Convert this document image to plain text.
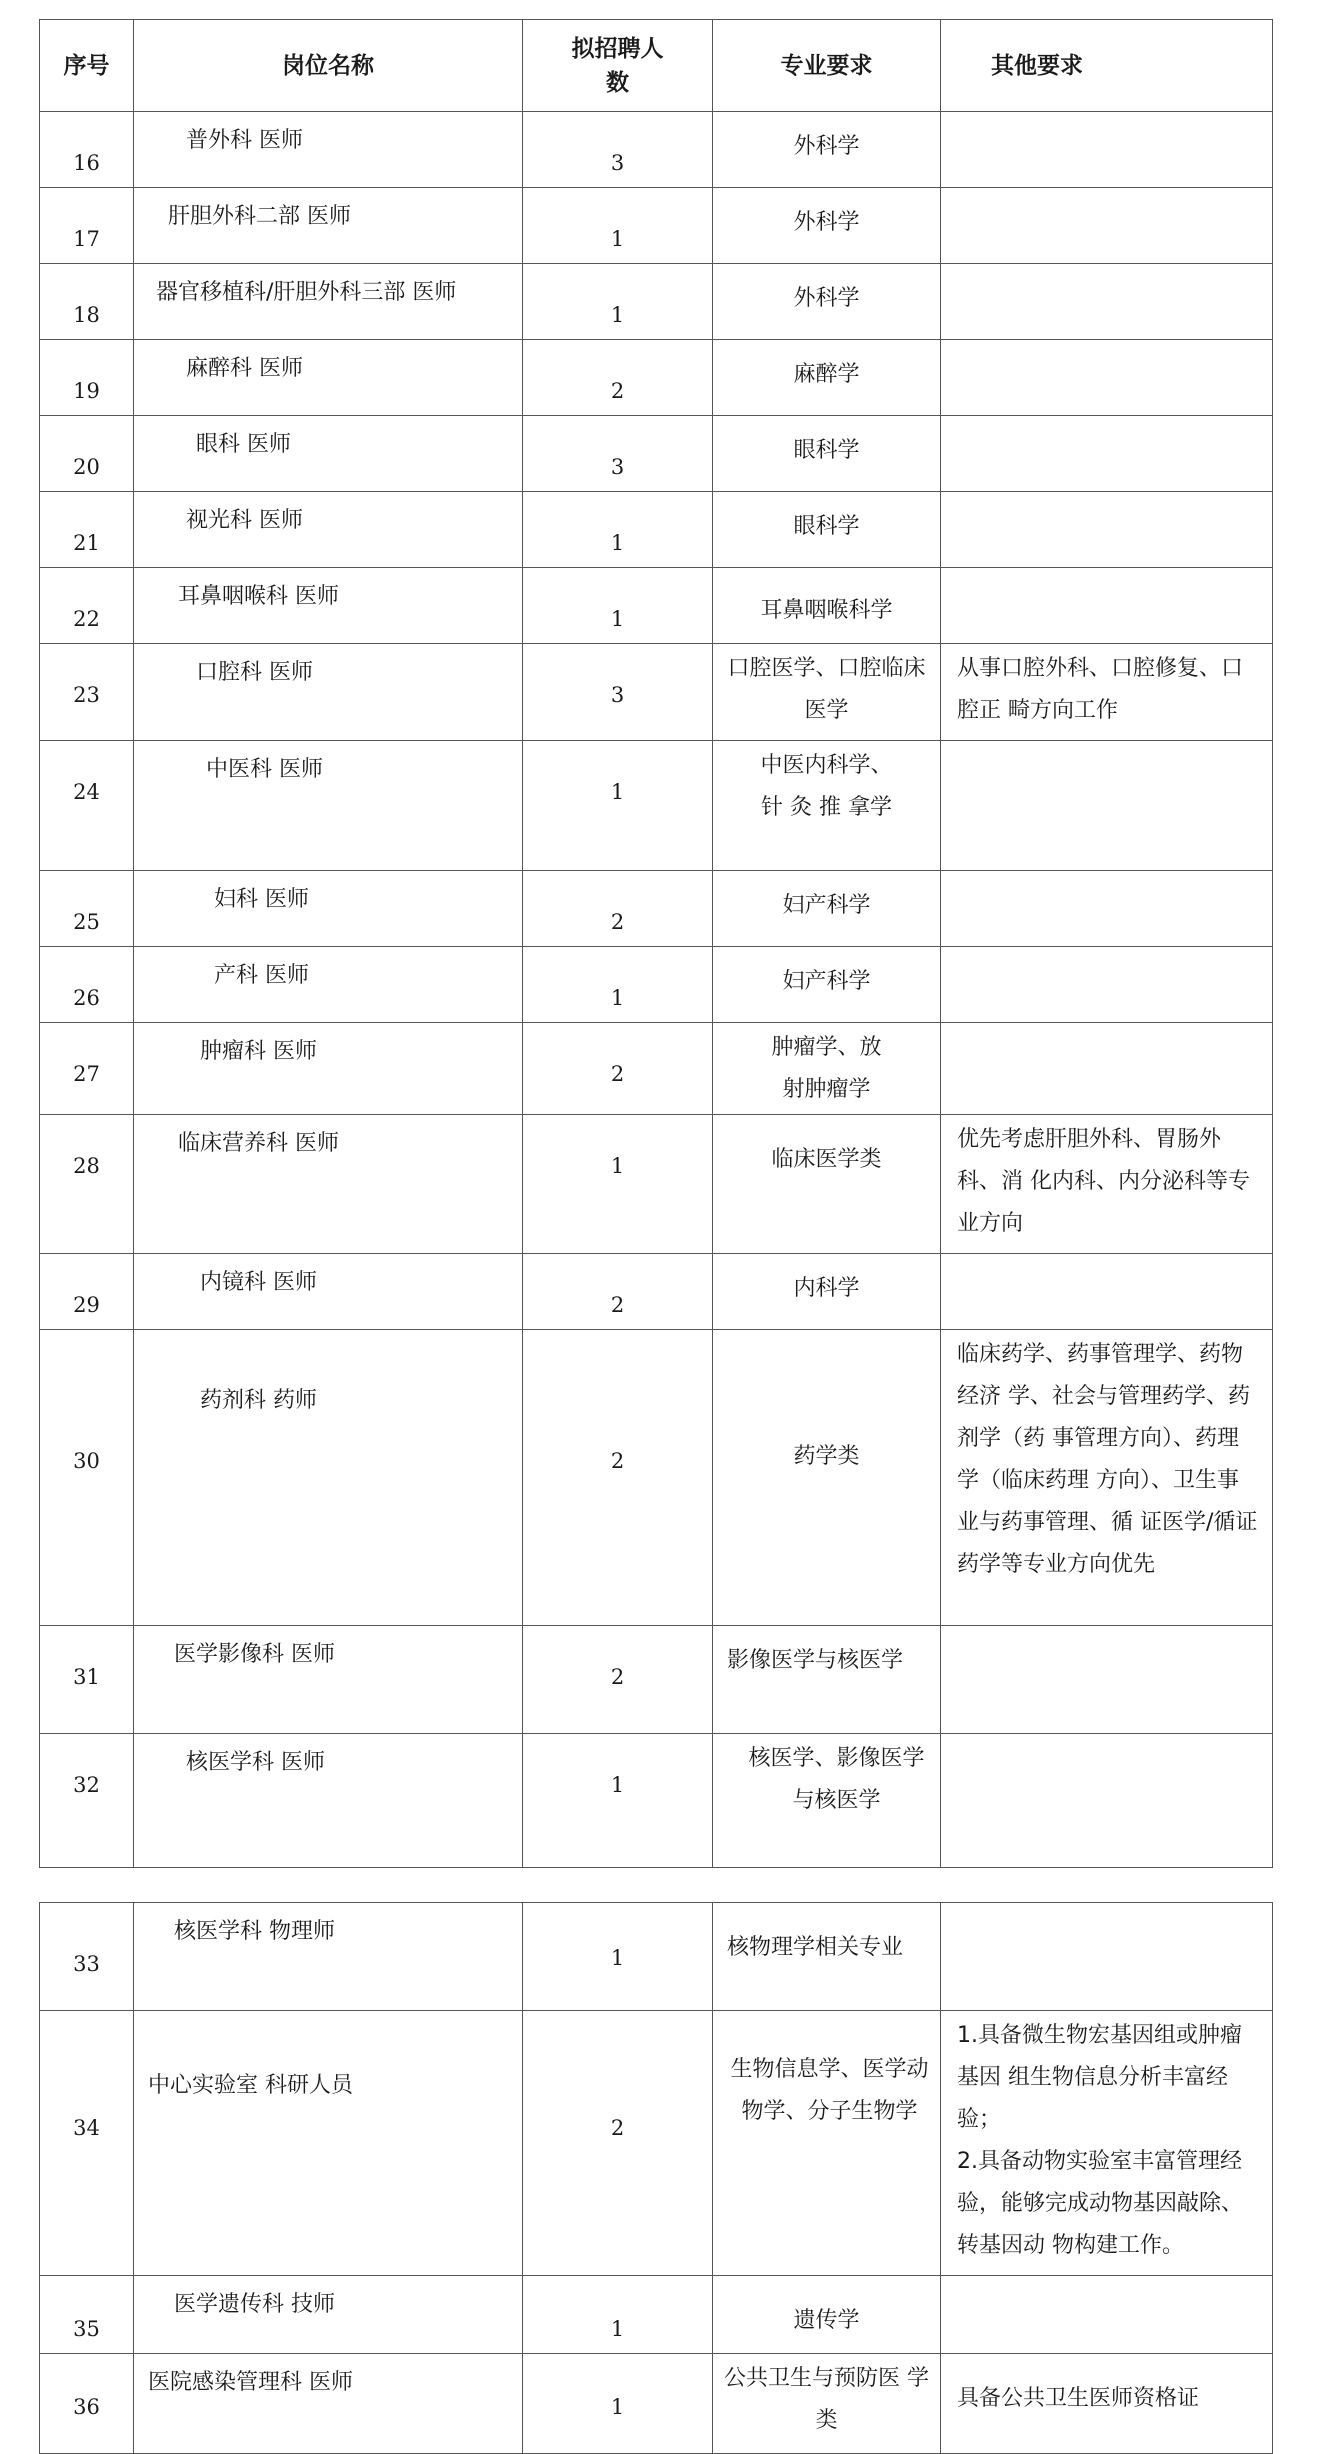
序号	岗位名称	拟招聘人数	专业要求	其他要求
16	普外科 医师	3	外科学	
17	肝胆外科二部 医师	1	外科学	
18	器官移植科/肝胆外科三部 医师	1	外科学	
19	麻醉科 医师	2	麻醉学	
20	眼科 医师	3	眼科学	
21	视光科 医师	1	眼科学	
22	耳鼻咽喉科 医师	1	耳鼻咽喉科学	
23	口腔科 医师	3	口腔医学、口腔临床医学	从事口腔外科、口腔修复、口腔正 畸方向工作
24	中医科 医师	1	中医内科学、针 灸 推 拿学	
25	妇科 医师	2	妇产科学	
26	产科 医师	1	妇产科学	
27	肿瘤科 医师	2	肿瘤学、放射肿瘤学	
28	临床营养科 医师	1	临床医学类	优先考虑肝胆外科、胃肠外科、消 化内科、内分泌科等专业方向
29	内镜科 医师	2	内科学	
30	药剂科 药师	2	药学类	临床药学、药事管理学、药物经济 学、社会与管理药学、药剂学（药 事管理方向）、药理学（临床药理 方向）、卫生事业与药事管理、循 证医学/循证药学等专业方向优先
31	医学影像科 医师	2	影像医学与核医学	
32	核医学科 医师	1	核医学、影像医学与核医学	
33	核医学科 物理师	1	核物理学相关专业	
34	中心实验室 科研人员	2	生物信息学、医学动物学、分子生物学	1.具备微生物宏基因组或肿瘤基因 组生物信息分析丰富经验；
2.具备动物实验室丰富管理经验，能够完成动物基因敲除、转基因动 物构建工作。

35	医学遗传科 技师	1	遗传学	
36	医院感染管理科 医师	1	公共卫生与预防医 学类	具备公共卫生医师资格证
